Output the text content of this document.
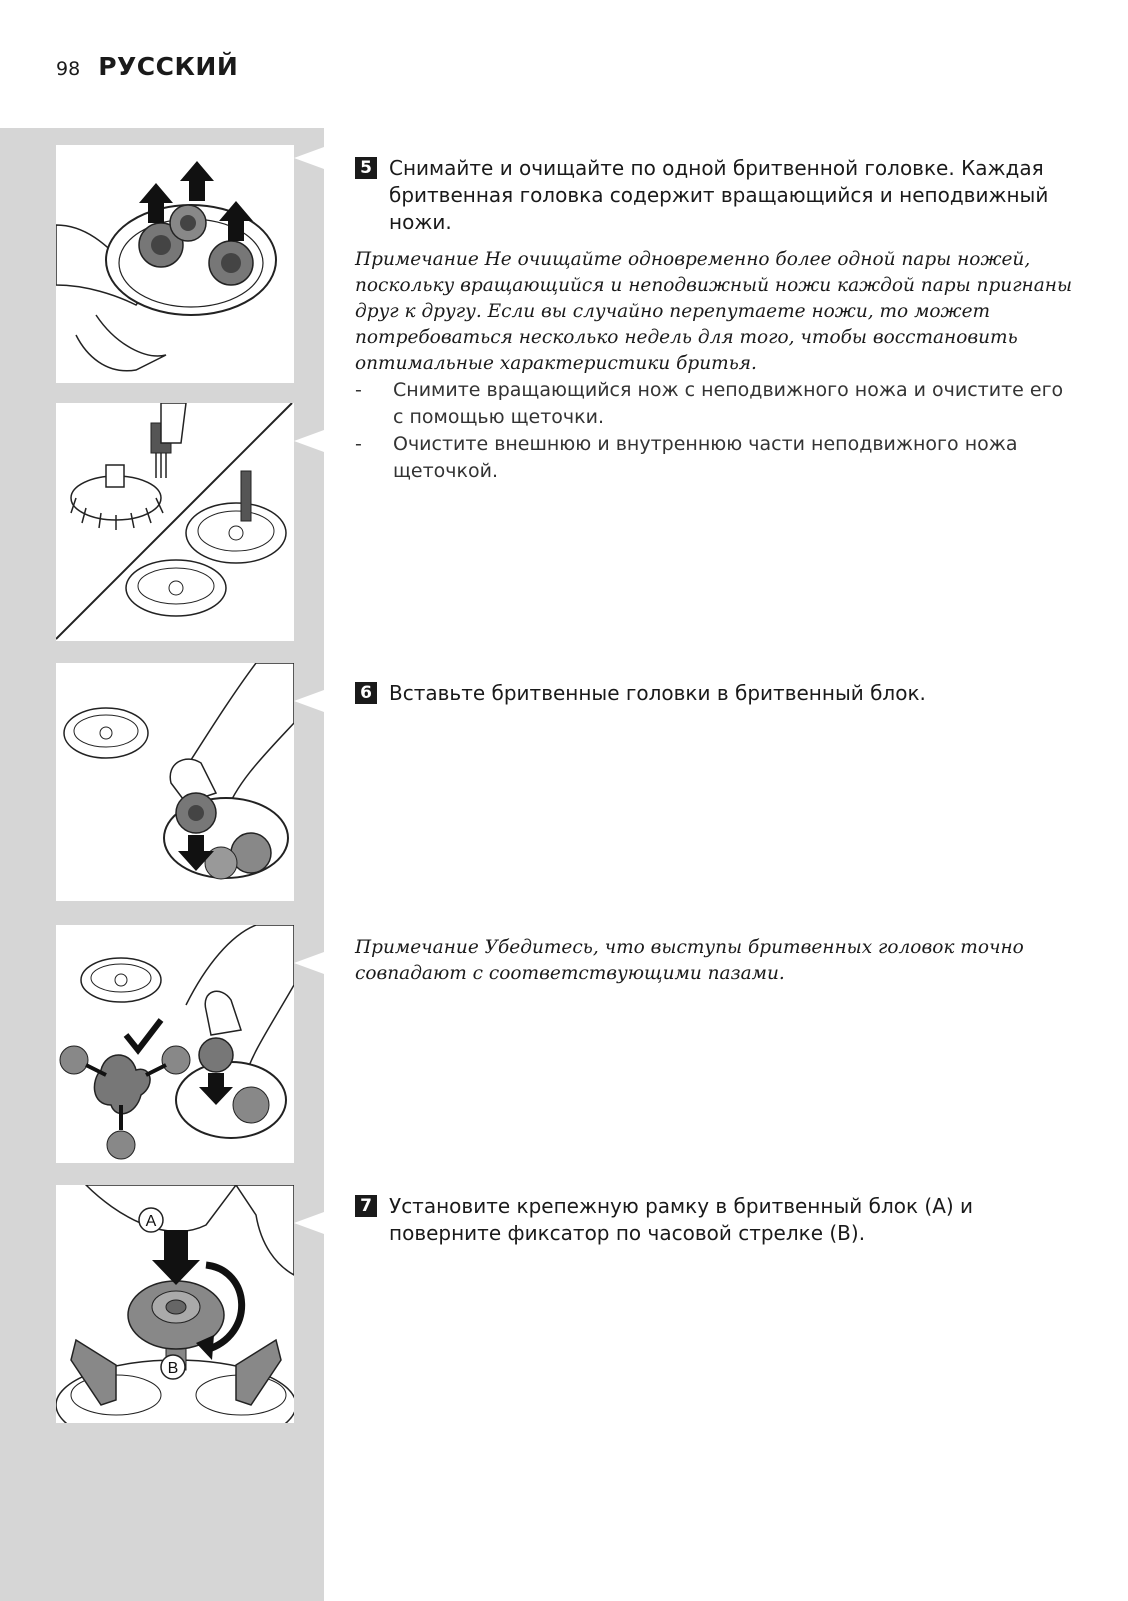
98 РУССКИЙ
A
B
5 Снимайте и очищайте по одной бритвенной головке. Каждая бритвенная головка содержит вращающийся и неподвижный ножи.
Примечание Не очищайте одновременно более одной пары ножей, поскольку вращающийся и неподвижный ножи каждой пары пригнаны друг к другу. Если вы случайно перепутаете ножи, то может потребоваться несколько недель для того, чтобы восстановить оптимальные характеристики бритья.
- Снимите вращающийся нож с неподвижного ножа и очистите его с помощью щеточки.
- Очистите внешнюю и внутреннюю части неподвижного ножа щеточкой.
6 Вставьте бритвенные головки в бритвенный блок.
Примечание Убедитесь, что выступы бритвенных головок точно совпадают с соответствующими пазами.
7 Установите крепежную рамку в бритвенный блок (A) и поверните фиксатор по часовой стрелке (B).
